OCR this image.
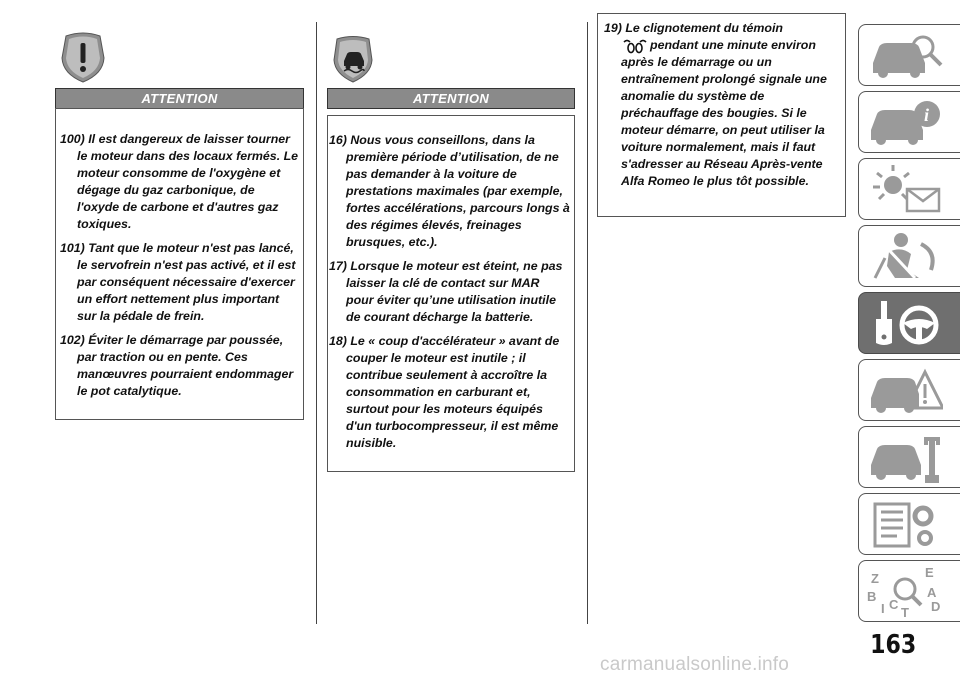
ATTENTION
100) Il est dangereux de laisser tourner le moteur dans des locaux fermés. Le moteur consomme de l'oxygène et dégage du gaz carbonique, de l'oxyde de carbone et d'autres gaz toxiques.
101) Tant que le moteur n'est pas lancé, le servofrein n'est pas activé, et il est par conséquent nécessaire d'exercer un effort nettement plus important sur la pédale de frein.
102) Éviter le démarrage par poussée, par traction ou en pente. Ces manœuvres pourraient endommager le pot catalytique.
ATTENTION
16) Nous vous conseillons, dans la première période d’utilisation, de ne pas demander à la voiture de prestations maximales (par exemple, fortes accélérations, parcours longs à des régimes élevés, freinages brusques, etc.).
17) Lorsque le moteur est éteint, ne pas laisser la clé de contact sur MAR pour éviter qu’une utilisation inutile de courant décharge la batterie.
18) Le « coup d'accélérateur » avant de couper le moteur est inutile ; il contribue seulement à accroître la consommation en carburant et, surtout pour les moteurs équipés d'un turbocompresseur, il est même nuisible.
19) Le clignotement du témoin
pendant une minute environ après le démarrage ou un entraînement prolongé signale une anomalie du système de préchauffage des bougies. Si le moteur démarre, on peut utiliser la voiture normalement, mais il faut s'adresser au Réseau Après-vente Alfa Romeo le plus tôt possible.
i
Z	E
B	A
C
T D
I
163
carmanualsonline.info
